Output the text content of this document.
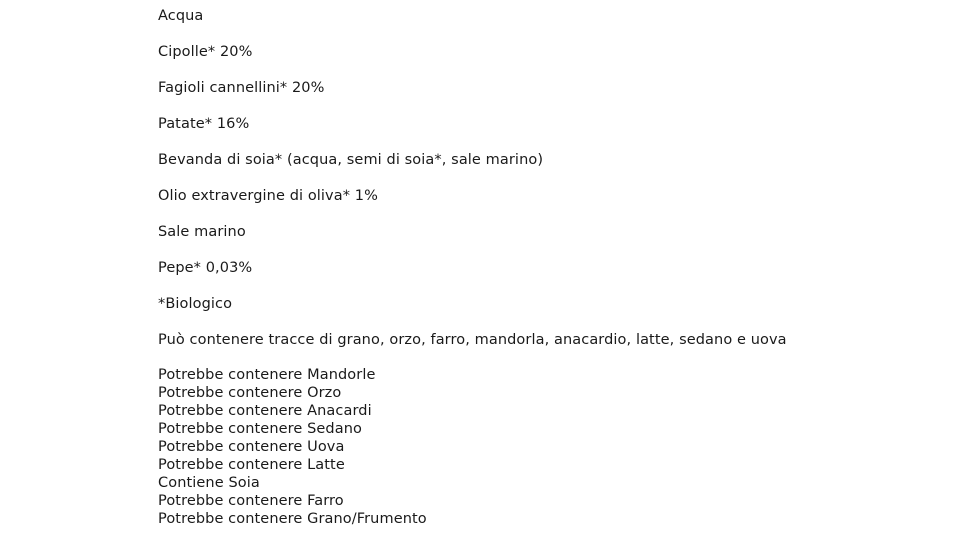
Acqua
Cipolle* 20%
Fagioli cannellini* 20%
Patate* 16%
Bevanda di soia* (acqua, semi di soia*, sale marino)
Olio extravergine di oliva* 1%
Sale marino
Pepe* 0,03%
*Biologico
Può contenere tracce di grano, orzo, farro, mandorla, anacardio, latte, sedano e uova
Potrebbe contenere Mandorle
Potrebbe contenere Orzo
Potrebbe contenere Anacardi
Potrebbe contenere Sedano
Potrebbe contenere Uova
Potrebbe contenere Latte
Contiene Soia
Potrebbe contenere Farro
Potrebbe contenere Grano/Frumento
